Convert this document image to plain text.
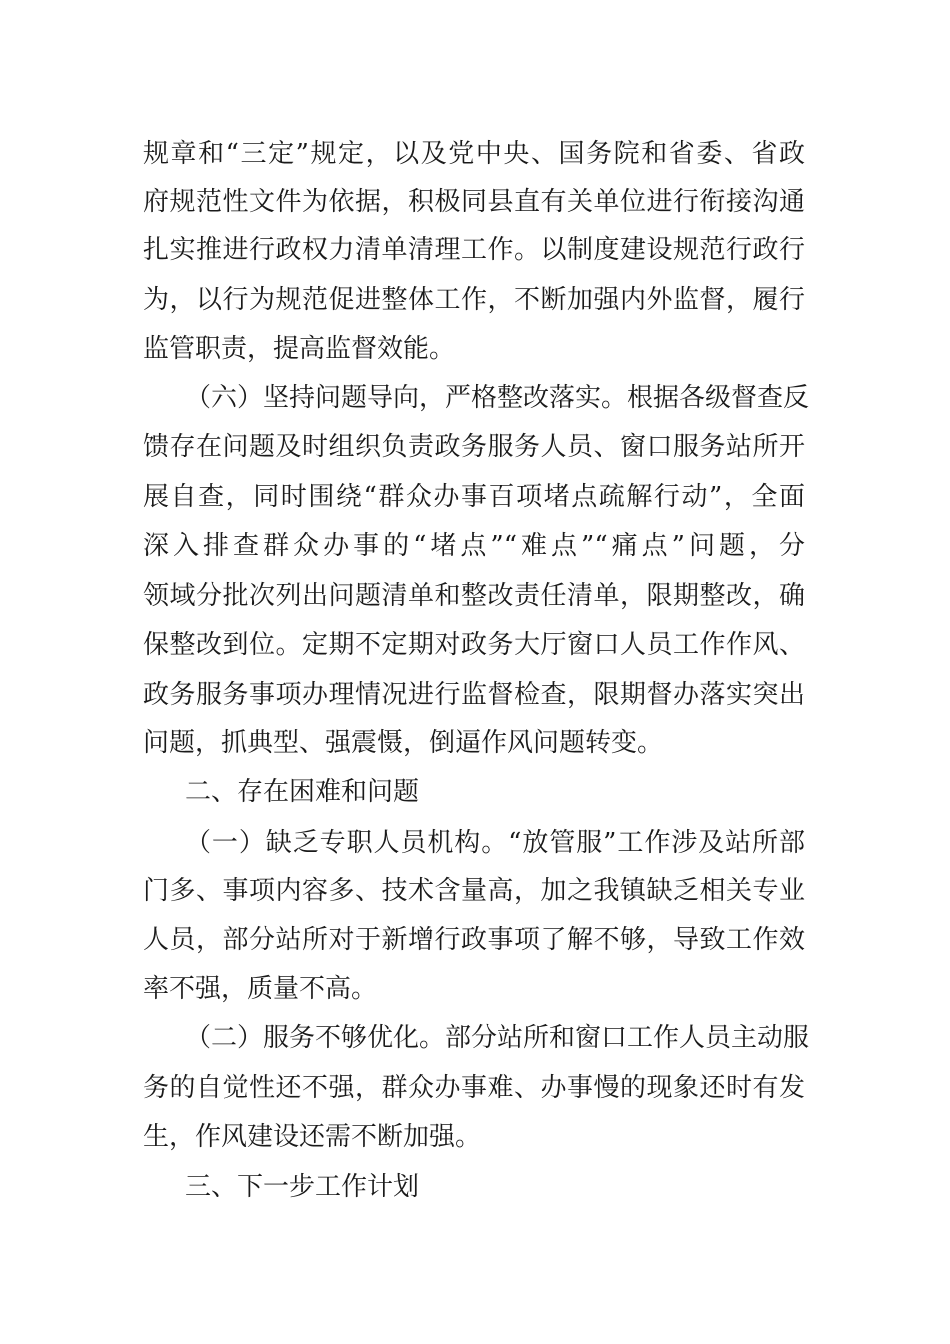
规章和“三定”规定，以及党中央、国务院和省委、省政
府规范性文件为依据，积极同县直有关单位进行衔接沟通
扎实推进行政权力清单清理工作。以制度建设规范行政行
为，以行为规范促进整体工作，不断加强内外监督，履行
监管职责，提高监督效能。
（六）坚持问题导向，严格整改落实。根据各级督查反
馈存在问题及时组织负责政务服务人员、窗口服务站所开
展自查，同时围绕“群众办事百项堵点疏解行动”，全面
深入排查群众办事的“堵点”“难点”“痛点”问题，分
领域分批次列出问题清单和整改责任清单，限期整改，确
保整改到位。定期不定期对政务大厅窗口人员工作作风、
政务服务事项办理情况进行监督检查，限期督办落实突出
问题，抓典型、强震慑，倒逼作风问题转变。
二、存在困难和问题
（一）缺乏专职人员机构。“放管服”工作涉及站所部
门多、事项内容多、技术含量高，加之我镇缺乏相关专业
人员，部分站所对于新增行政事项了解不够，导致工作效
率不强，质量不高。
（二）服务不够优化。部分站所和窗口工作人员主动服
务的自觉性还不强，群众办事难、办事慢的现象还时有发
生，作风建设还需不断加强。
三、下一步工作计划
